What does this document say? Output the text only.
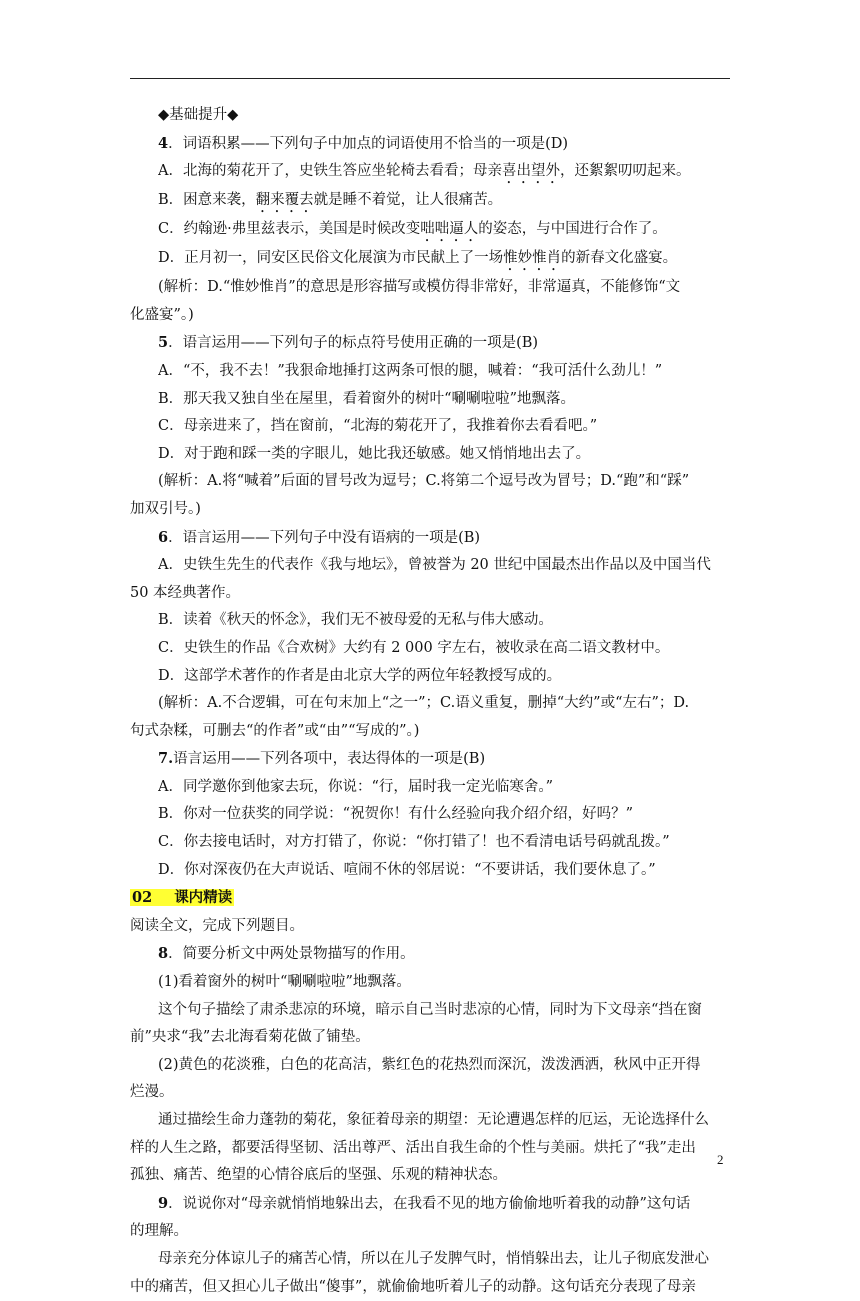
◆基础提升◆
4．词语积累——下列句子中加点的词语使用不恰当的一项是(D)
A．北海的菊花开了，史铁生答应坐轮椅去看看；母亲喜出望外，还絮絮叨叨起来。
B．困意来袭，翻来覆去就是睡不着觉，让人很痛苦。
C．约翰逊·弗里兹表示，美国是时候改变咄咄逼人的姿态，与中国进行合作了。
D．正月初一，同安区民俗文化展演为市民献上了一场惟妙惟肖的新春文化盛宴。
(解析：D.“惟妙惟肖”的意思是形容描写或模仿得非常好，非常逼真，不能修饰“文
化盛宴”。)
5．语言运用——下列句子的标点符号使用正确的一项是(B)
A．“不，我不去！”我狠命地捶打这两条可恨的腿，喊着：“我可活什么劲儿！”
B．那天我又独自坐在屋里，看着窗外的树叶“唰唰啦啦”地飘落。
C．母亲进来了，挡在窗前，“北海的菊花开了，我推着你去看看吧。”
D．对于跑和踩一类的字眼儿，她比我还敏感。她又悄悄地出去了。
(解析：A.将“喊着”后面的冒号改为逗号；C.将第二个逗号改为冒号；D.“跑”和“踩”
加双引号。)
6．语言运用——下列句子中没有语病的一项是(B)
A．史铁生先生的代表作《我与地坛》，曾被誉为 20 世纪中国最杰出作品以及中国当代
50 本经典著作。
B．读着《秋天的怀念》，我们无不被母爱的无私与伟大感动。
C．史铁生的作品《合欢树》大约有 2 000 字左右，被收录在高二语文教材中。
D．这部学术著作的作者是由北京大学的两位年轻教授写成的。
(解析：A.不合逻辑，可在句末加上“之一”；C.语义重复，删掉“大约”或“左右”；D.
句式杂糅，可删去“的作者”或“由”“写成的”。)
7.语言运用——下列各项中，表达得体的一项是(B)
A．同学邀你到他家去玩，你说：“行，届时我一定光临寒舍。”
B．你对一位获奖的同学说：“祝贺你！有什么经验向我介绍介绍，好吗？”
C．你去接电话时，对方打错了，你说：“你打错了！也不看清电话号码就乱拨。”
D．你对深夜仍在大声说话、喧闹不休的邻居说：“不要讲话，我们要休息了。”
02 课内精读
阅读全文，完成下列题目。
8．简要分析文中两处景物描写的作用。
(1)看着窗外的树叶“唰唰啦啦”地飘落。
这个句子描绘了肃杀悲凉的环境，暗示自己当时悲凉的心情，同时为下文母亲“挡在窗
前”央求“我”去北海看菊花做了铺垫。
(2)黄色的花淡雅，白色的花高洁，紫红色的花热烈而深沉，泼泼洒洒，秋风中正开得
烂漫。
通过描绘生命力蓬勃的菊花，象征着母亲的期望：无论遭遇怎样的厄运，无论选择什么
样的人生之路，都要活得坚韧、活出尊严、活出自我生命的个性与美丽。烘托了“我”走出
孤独、痛苦、绝望的心情谷底后的坚强、乐观的精神状态。
9．说说你对“母亲就悄悄地躲出去，在我看不见的地方偷偷地听着我的动静”这句话
的理解。
母亲充分体谅儿子的痛苦心情，所以在儿子发脾气时，悄悄躲出去，让儿子彻底发泄心
中的痛苦，但又担心儿子做出“傻事”，就偷偷地听着儿子的动静。这句话充分表现了母亲
2
